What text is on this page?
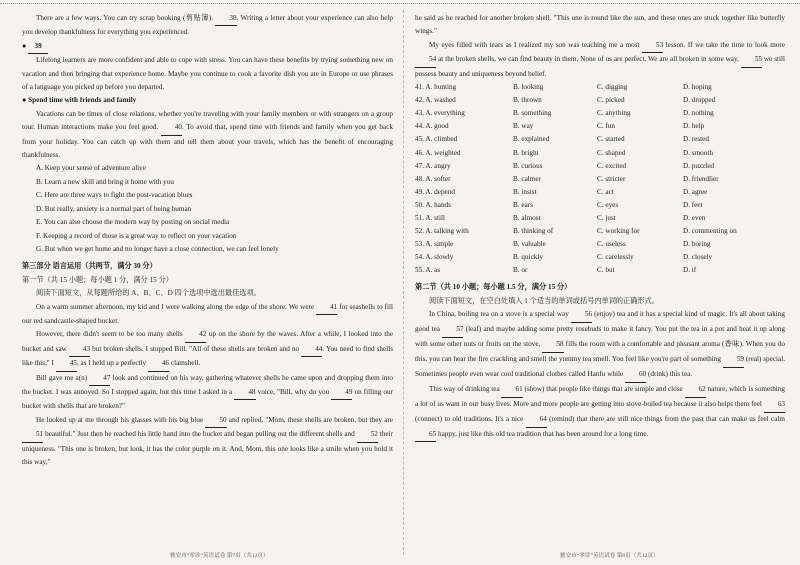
There are a few ways. You can try scrap booking (剪贴簿). 38. Writing a letter about your experience can also help you develop thankfulness for everything you experienced.

● 39

Lifelong learners are more confident and able to cope with stress. You can have these benefits by trying something new on vacation and then bringing that experience home. Maybe you continue to cook a favorite dish you ate in Europe or use phrases of a language you picked up before you departed.

● Spend time with friends and family

Vacations can be times of close relations, whether you're traveling with your family members or with strangers on a group tour. Human interactions make you feel good. 40. To avoid that, spend time with friends and family when you get back from your holiday. You can catch up with them and tell them about your travels, which has the benefit of encouraging thankfulness.

A. Keep your sense of adventure alive

B. Learn a new skill and bring it home with you

C. Here are three ways to fight the post-vacation blues

D. But really, anxiety is a normal part of being human

E. You can also choose the modern way by posting on social media

F. Keeping a record of those is a great way to reflect on your vacation

G. But when we get home and no longer have a close connection, we can feel lonely

第三部分 语言运用（共两节，满分 30 分）

第一节（共 15 小题；每小题 1 分，满分 15 分）

阅读下面短文，从每题所给的 A、B、C、D 四个选项中选出最佳选项。

On a warm summer afternoon, my kid and I were walking along the edge of the shore. We were 41 for seashells to fill our red sandcastle-shaped bucket.

However, there didn't seem to be too many shells 42 up on the shore by the waves. After a while, I looked into the bucket and saw 43 but broken shells. I stopped Bill. "All of these shells are broken and no 44. You need to find shells like this," I 45, as I held up a perfectly 46 clamshell.

Bill gave me a(n) 47 look and continued on his way, gathering whatever shells he came upon and dropping them into the bucket. I was annoyed. So I stopped again, but this time I asked in a 48 voice, "Bill, why do you 49 on filling our bucket with shells that are broken?"

He looked up at me through his glasses with his big blue 50 and replied, "Mom, these shells are broken, but they are 51 beautiful." Just then he reached his little hand into the bucket and began pulling out the different shells and 52 their uniqueness. "This one is broken, but look, it has the color purple on it. And, Mom, this one looks like a smile when you hold it this way,"

he said as he reached for another broken shell. "This one is round like the sun, and these ones are stuck together like butterfly wings."

My eyes filled with tears as I realized my son was teaching me a most 53 lesson. If we take the time to look more 54 at the broken shells, we can find beauty in them. None of us are perfect. We are all broken in some way, 55 we still possess beauty and uniqueness beyond belief.

41. A. hunting	B. looking	C. digging	D. hoping
42. A. washed	B. thrown	C. picked	D. dropped
43. A. everything	B. something	C. anything	D. nothing
44. A. good	B. way	C. fun	D. help
45. A. climbed	B. explained	C. started	D. rested
46. A. weighted	B. bright	C. shaped	D. smooth
47. A. angry	B. curious	C. excited	D. puzzled
48. A. softer	B. calmer	C. stricter	D. friendlier
49. A. depend	B. insist	C. act	D. agree
50. A. hands	B. ears	C. eyes	D. feet
51. A. still	B. almost	C. just	D. even
52. A. talking with	B. thinking of	C. working for	D. commenting on
53. A. simple	B. valuable	C. useless	D. boring
54. A. slowly	B. quickly	C. carelessly	D. closely
55. A. as	B. or	C. but	D. if

第二节（共 10 小题；每小题 1.5 分，满分 15 分）

阅读下面短文，在空白处填入 1 个适当的单词或括号内单词的正确形式。

In China, boiling tea on a stove is a special way 56 (enjoy) tea and it has a special kind of magic. It's all about taking good tea 57 (leaf) and maybe adding some pretty rosebuds to make it fancy. You put the tea in a pot and heat it up along with some other nuts or fruits on the stove, 58 fills the room with a comfortable and pleasant aroma (香味). When you do this, you can hear the fire crackling and smell the yummy tea smell. You feel like you're part of something 59 (real) special. Sometimes people even wear cool traditional clothes called Hanfu while 60 (drink) this tea.

This way of drinking tea 61 (show) that people like things that are simple and close 62 nature, which is something a lot of us want in our busy lives. More and more people are getting into stove-boiled tea because it also helps them feel 63 (connect) to old traditions. It's a nice 64 (remind) that there are still nice things from the past that can make us feel calm 65 happy, just like this old tea tradition that has been around for a long time.

雅安市“零诊”英语试卷 第7页（共12页）	雅安市“零诊”英语试卷 第8页（共12页）
